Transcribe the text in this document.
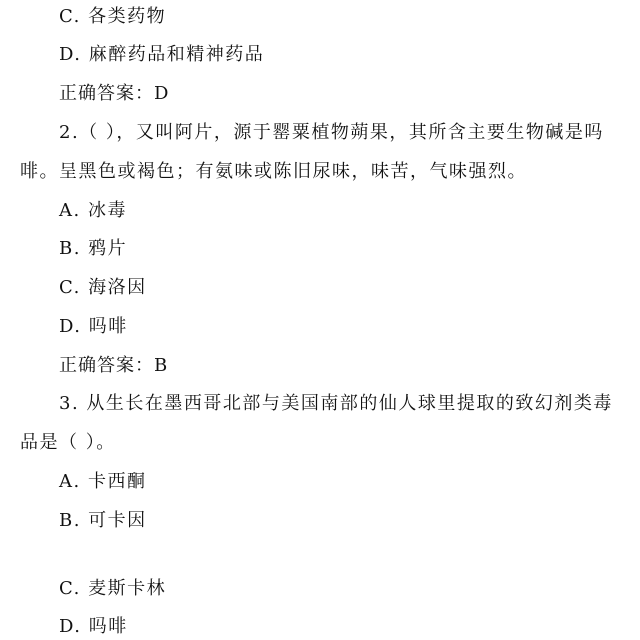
C. 各类药物
D. 麻醉药品和精神药品
正确答案：D
2.（ ），又叫阿片，源于罂粟植物蒴果，其所含主要生物碱是吗
啡。呈黑色或褐色；有氨味或陈旧尿味，味苦，气味强烈。
A. 冰毒
B. 鸦片
C. 海洛因
D. 吗啡
正确答案：B
3. 从生长在墨西哥北部与美国南部的仙人球里提取的致幻剂类毒
品是（ ）。
A. 卡西酮
B. 可卡因
C. 麦斯卡林
D. 吗啡
